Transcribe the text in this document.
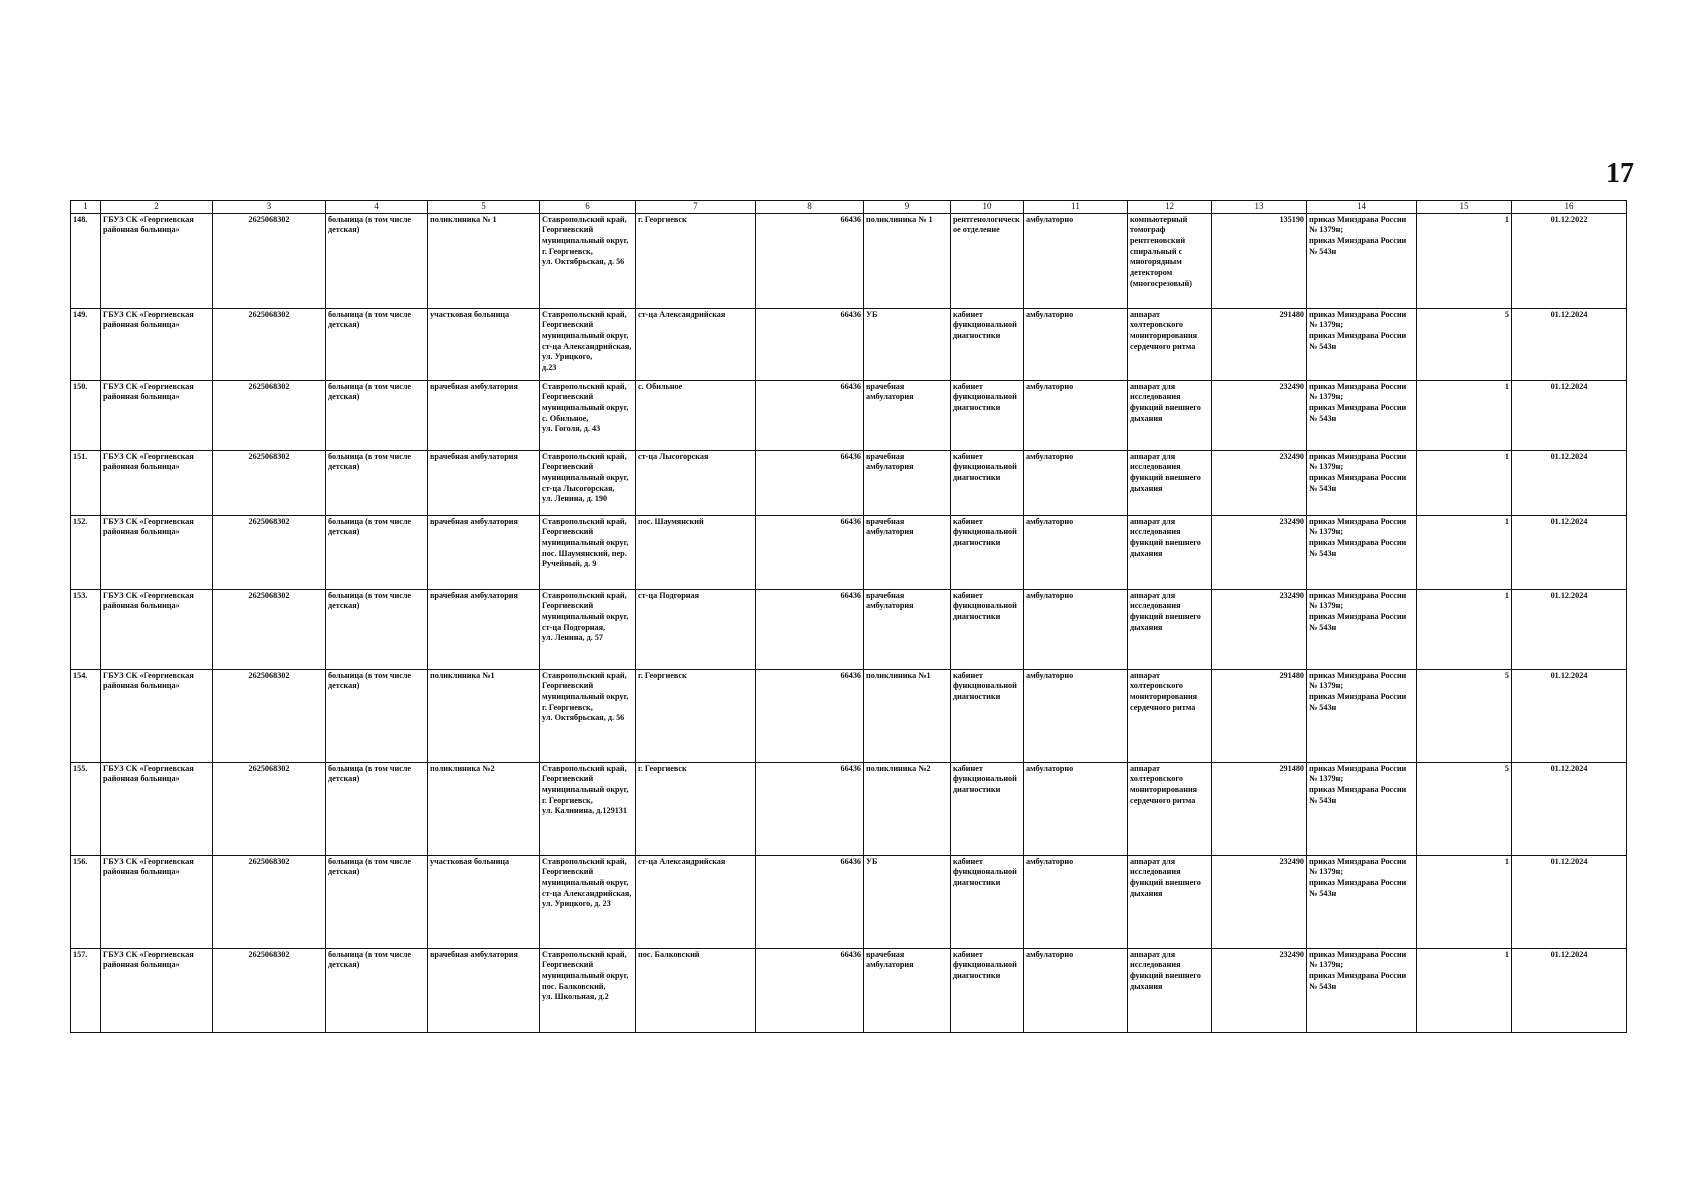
17
1	2	3	4	5	6	7	8	9	10	11	12	13	14	15	16
148.	ГБУЗ СК «Георгиевская районная больница»	2625068302	больница (в том числе детская)	поликлиника № 1	Ставропольский край,
Георгиевский муниципальный округ,
г. Георгиевск,
ул. Октябрьская, д. 56	г. Георгиевск	66436	поликлиника № 1	рентгенологическое отделение	амбулаторно	компьютерный томограф рентгеновский спиральный с многорядным детектором (многосрезовый)	135190	приказ Минздрава России № 1379н;
приказ Минздрава России № 543н	1	01.12.2022
149.	ГБУЗ СК «Георгиевская районная больница»	2625068302	больница (в том числе детская)	участковая больница	Ставропольский край,
Георгиевский муниципальный округ,
ст-ца Александрийская, ул. Урицкого,
д.23	ст-ца Александрийская	66436	УБ	кабинет функциональной диагностики	амбулаторно	аппарат холтеровского мониторирования сердечного ритма	291480	приказ Минздрава России № 1379н;
приказ Минздрава России № 543н	5	01.12.2024
150.	ГБУЗ СК «Георгиевская районная больница»	2625068302	больница (в том числе детская)	врачебная амбулатория	Ставропольский край,
Георгиевский муниципальный округ,
с. Обильное,
ул. Гоголя, д. 43	с. Обильное	66436	врачебная амбулатория	кабинет функциональной диагностики	амбулаторно	аппарат для исследования функций внешнего дыхания	232490	приказ Минздрава России № 1379н;
приказ Минздрава России № 543н	1	01.12.2024
151.	ГБУЗ СК «Георгиевская районная больница»	2625068302	больница (в том числе детская)	врачебная амбулатория	Ставропольский край,
Георгиевский муниципальный округ,
ст-ца Лысогорская,
ул. Ленина, д. 190	ст-ца Лысогорская	66436	врачебная амбулатория	кабинет функциональной диагностики	амбулаторно	аппарат для исследования функций внешнего дыхания	232490	приказ Минздрава России № 1379н;
приказ Минздрава России № 543н	1	01.12.2024
152.	ГБУЗ СК «Георгиевская районная больница»	2625068302	больница (в том числе детская)	врачебная амбулатория	Ставропольский край,
Георгиевский муниципальный округ,
пос. Шаумянский, пер. Ручейный, д. 9	пос. Шаумянский	66436	врачебная амбулатория	кабинет функциональной диагностики	амбулаторно	аппарат для исследования функций внешнего дыхания	232490	приказ Минздрава России № 1379н;
приказ Минздрава России № 543н	1	01.12.2024
153.	ГБУЗ СК «Георгиевская районная больница»	2625068302	больница (в том числе детская)	врачебная амбулатория	Ставропольский край,
Георгиевский муниципальный округ,
ст-ца Подгорная,
ул. Ленина, д. 57	ст-ца Подгорная	66436	врачебная амбулатория	кабинет функциональной диагностики	амбулаторно	аппарат для исследования функций внешнего дыхания	232490	приказ Минздрава России № 1379н;
приказ Минздрава России № 543н	1	01.12.2024
154.	ГБУЗ СК «Георгиевская районная больница»	2625068302	больница (в том числе детская)	поликлиника №1	Ставропольский край,
Георгиевский муниципальный округ,
г. Георгиевск,
ул. Октябрьская, д. 56	г. Георгиевск	66436	поликлиника №1	кабинет функциональной диагностики	амбулаторно	аппарат холтеровского мониторирования сердечного ритма	291480	приказ Минздрава России № 1379н;
приказ Минздрава России № 543н	5	01.12.2024
155.	ГБУЗ СК «Георгиевская районная больница»	2625068302	больница (в том числе детская)	поликлиника №2	Ставропольский край,
Георгиевский муниципальный округ,
г. Георгиевск,
ул. Калинина, д.129131	г. Георгиевск	66436	поликлиника №2	кабинет функциональной диагностики	амбулаторно	аппарат холтеровского мониторирования сердечного ритма	291480	приказ Минздрава России № 1379н;
приказ Минздрава России № 543н	5	01.12.2024
156.	ГБУЗ СК «Георгиевская районная больница»	2625068302	больница (в том числе детская)	участковая больница	Ставропольский край,
Георгиевский муниципальный округ,
ст-ца Александрийская,
ул. Урицкого, д. 23	ст-ца Александрийская	66436	УБ	кабинет функциональной диагностики	амбулаторно	аппарат для исследования функций внешнего дыхания	232490	приказ Минздрава России № 1379н;
приказ Минздрава России № 543н	1	01.12.2024
157.	ГБУЗ СК «Георгиевская районная больница»	2625068302	больница (в том числе детская)	врачебная амбулатория	Ставропольский край,
Георгиевский муниципальный округ,
пос. Балковский,
ул. Школьная, д.2	пос. Балковский	66436	врачебная амбулатория	кабинет функциональной диагностики	амбулаторно	аппарат для исследования функций внешнего дыхания	232490	приказ Минздрава России № 1379н;
приказ Минздрава России № 543н	1	01.12.2024
